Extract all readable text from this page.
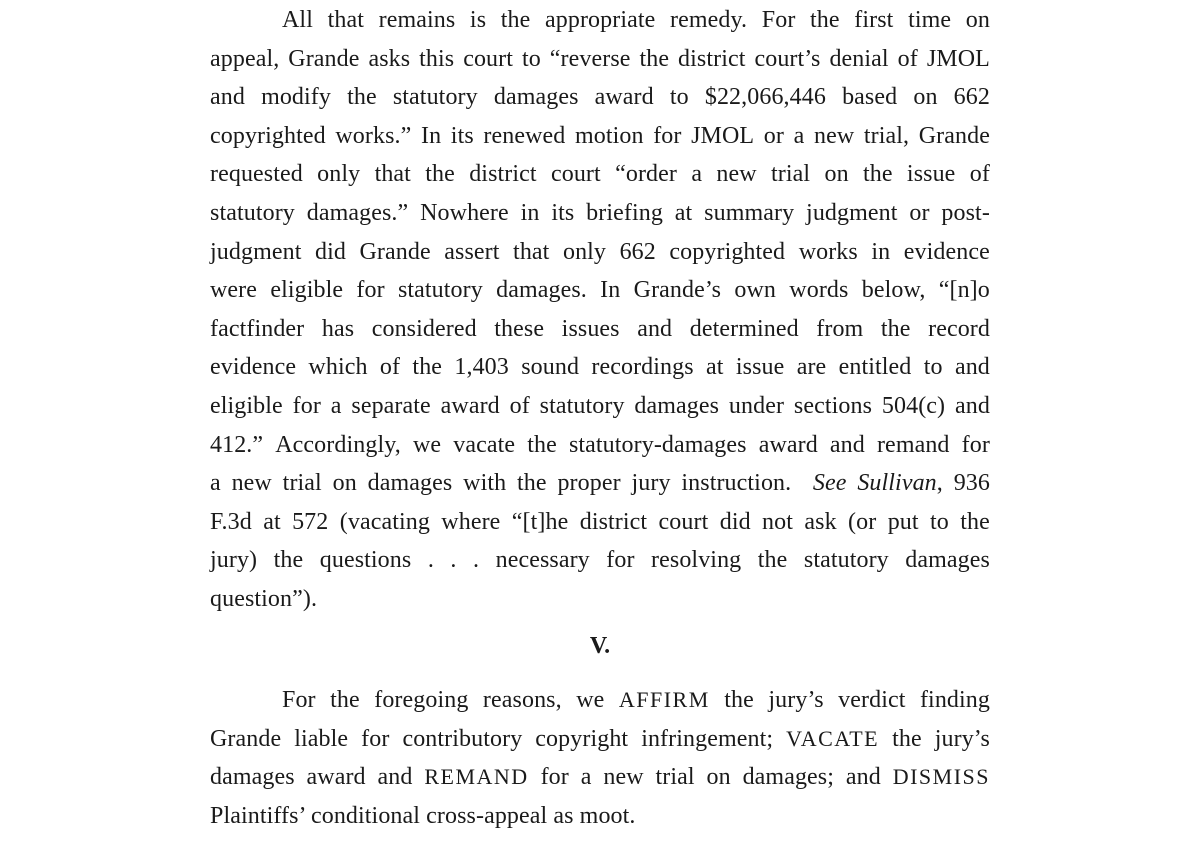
All that remains is the appropriate remedy. For the first time on
appeal, Grande asks this court to “reverse the district court’s denial of JMOL
and modify the statutory damages award to $22,066,446 based on 662
copyrighted works.” In its renewed motion for JMOL or a new trial, Grande
requested only that the district court “order a new trial on the issue of
statutory damages.” Nowhere in its briefing at summary judgment or post-
judgment did Grande assert that only 662 copyrighted works in evidence
were eligible for statutory damages. In Grande’s own words below, “[n]o
factfinder has considered these issues and determined from the record
evidence which of the 1,403 sound recordings at issue are entitled to and
eligible for a separate award of statutory damages under sections 504(c) and
412.” Accordingly, we vacate the statutory-damages award and remand for
a new trial on damages with the proper jury instruction.  See Sullivan, 936
F.3d at 572 (vacating where “[t]he district court did not ask (or put to the
jury) the questions . . . necessary for resolving the statutory damages
question”).
V.
For the foregoing reasons, we AFFIRM the jury’s verdict finding
Grande liable for contributory copyright infringement; VACATE the jury’s
damages award and REMAND for a new trial on damages; and DISMISS
Plaintiffs’ conditional cross-appeal as moot.
